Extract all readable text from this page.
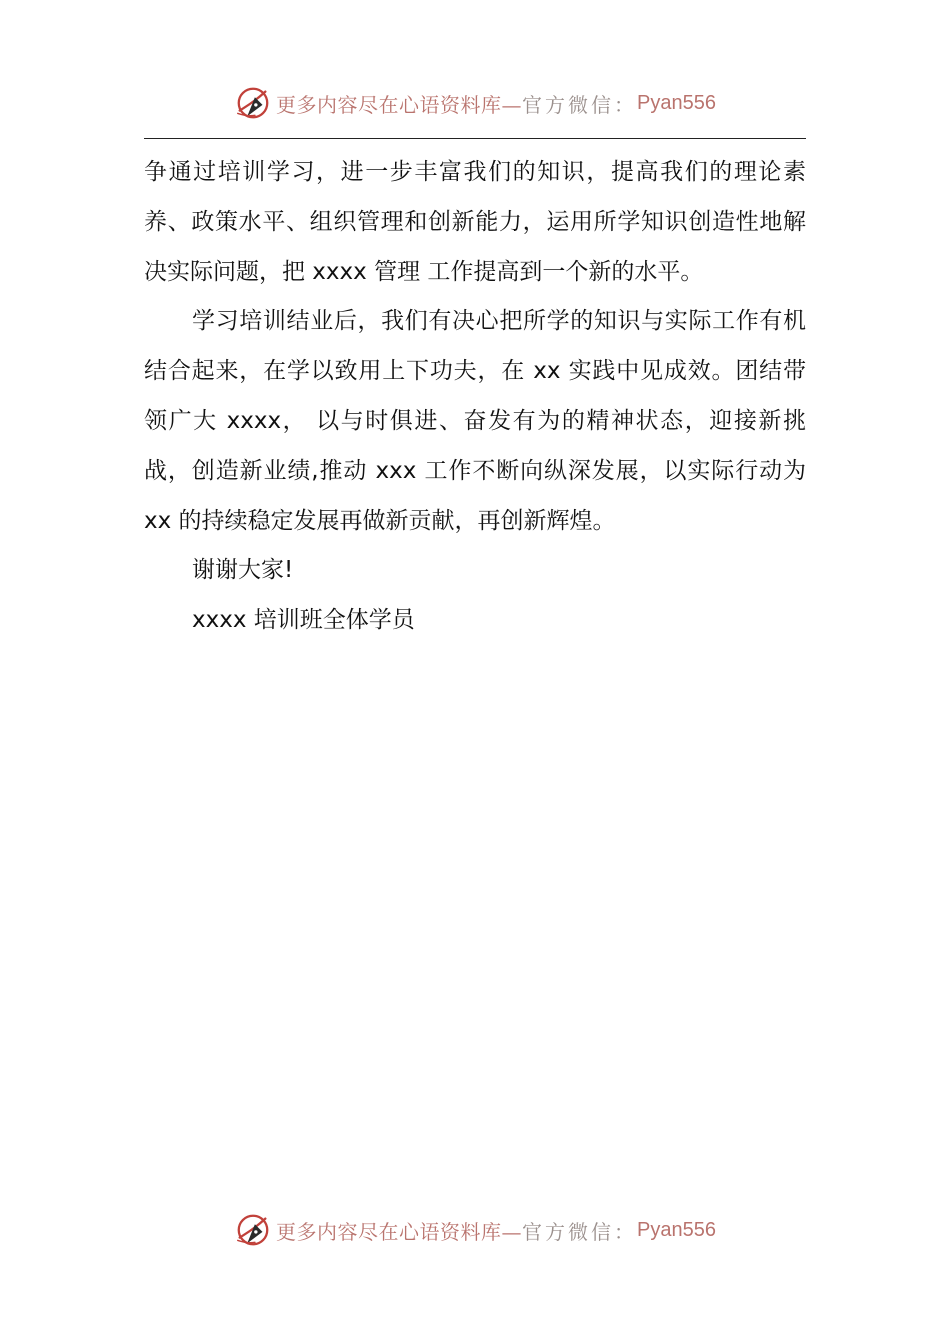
更多内容尽在心语资料库— 官方微信： Pyan556

争通过培训学习，进一步丰富我们的知识，提高我们的理论素养、政策水平、组织管理和创新能力，运用所学知识创造性地解决实际问题，把 xxxx 管理 工作提高到一个新的水平。

学习培训结业后，我们有决心把所学的知识与实际工作有机结合起来，在学以致用上下功夫，在 xx 实践中见成效。团结带领广大 xxxx， 以与时俱进、奋发有为的精神状态，迎接新挑战，创造新业绩,推动 xxx 工作不断向纵深发展，以实际行动为 xx 的持续稳定发展再做新贡献，再创新辉煌。

谢谢大家!

xxxx 培训班全体学员

更多内容尽在心语资料库— 官方微信： Pyan556
